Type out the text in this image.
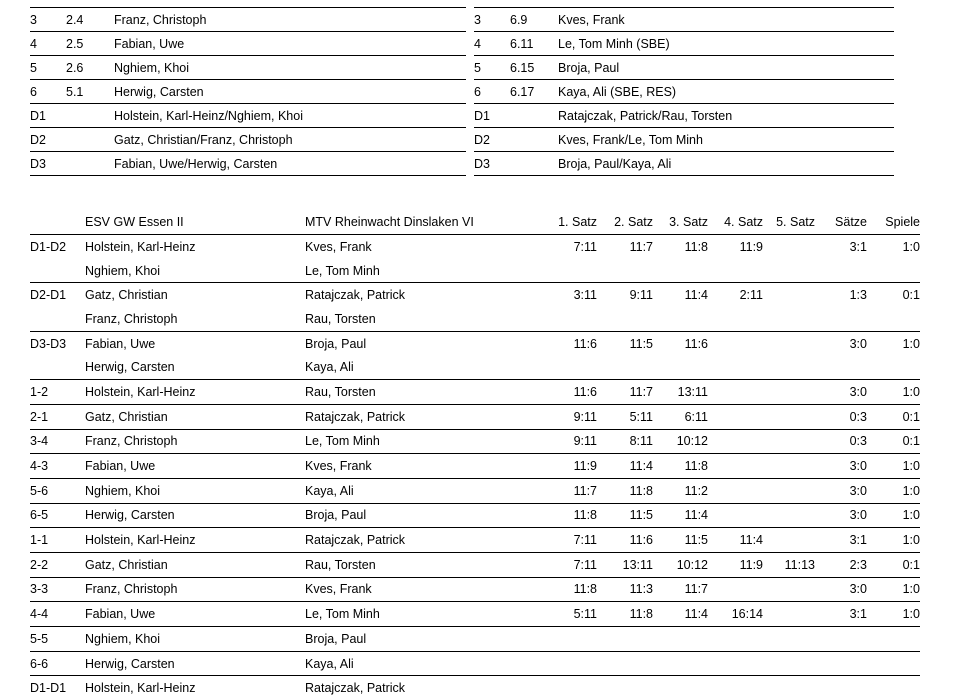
3	2.4	Franz, Christoph
4	2.5	Fabian, Uwe
5	2.6	Nghiem, Khoi
6	5.1	Herwig, Carsten
D1		Holstein, Karl-Heinz/Nghiem, Khoi
D2		Gatz, Christian/Franz, Christoph
D3		Fabian, Uwe/Herwig, Carsten

3	6.9	Kves, Frank
4	6.11	Le, Tom Minh (SBE)
5	6.15	Broja, Paul
6	6.17	Kaya, Ali (SBE, RES)
D1		Ratajczak, Patrick/Rau, Torsten
D2		Kves, Frank/Le, Tom Minh
D3		Broja, Paul/Kaya, Ali
	ESV GW Essen II	MTV Rheinwacht Dinslaken VI	1. Satz	2. Satz	3. Satz	4. Satz	5. Satz	Sätze	Spiele
D1-D2	Holstein, Karl-Heinz	Kves, Frank	7:11	11:7	11:8	11:9		3:1	1:0
	Nghiem, Khoi	Le, Tom Minh							
D2-D1	Gatz, Christian	Ratajczak, Patrick	3:11	9:11	11:4	2:11		1:3	0:1
	Franz, Christoph	Rau, Torsten							
D3-D3	Fabian, Uwe	Broja, Paul	11:6	11:5	11:6			3:0	1:0
	Herwig, Carsten	Kaya, Ali							
1-2	Holstein, Karl-Heinz	Rau, Torsten	11:6	11:7	13:11			3:0	1:0
2-1	Gatz, Christian	Ratajczak, Patrick	9:11	5:11	6:11			0:3	0:1
3-4	Franz, Christoph	Le, Tom Minh	9:11	8:11	10:12			0:3	0:1
4-3	Fabian, Uwe	Kves, Frank	11:9	11:4	11:8			3:0	1:0
5-6	Nghiem, Khoi	Kaya, Ali	11:7	11:8	11:2			3:0	1:0
6-5	Herwig, Carsten	Broja, Paul	11:8	11:5	11:4			3:0	1:0
1-1	Holstein, Karl-Heinz	Ratajczak, Patrick	7:11	11:6	11:5	11:4		3:1	1:0
2-2	Gatz, Christian	Rau, Torsten	7:11	13:11	10:12	11:9	11:13	2:3	0:1
3-3	Franz, Christoph	Kves, Frank	11:8	11:3	11:7			3:0	1:0
4-4	Fabian, Uwe	Le, Tom Minh	5:11	11:8	11:4	16:14		3:1	1:0
5-5	Nghiem, Khoi	Broja, Paul							
6-6	Herwig, Carsten	Kaya, Ali							
D1-D1	Holstein, Karl-Heinz	Ratajczak, Patrick							
